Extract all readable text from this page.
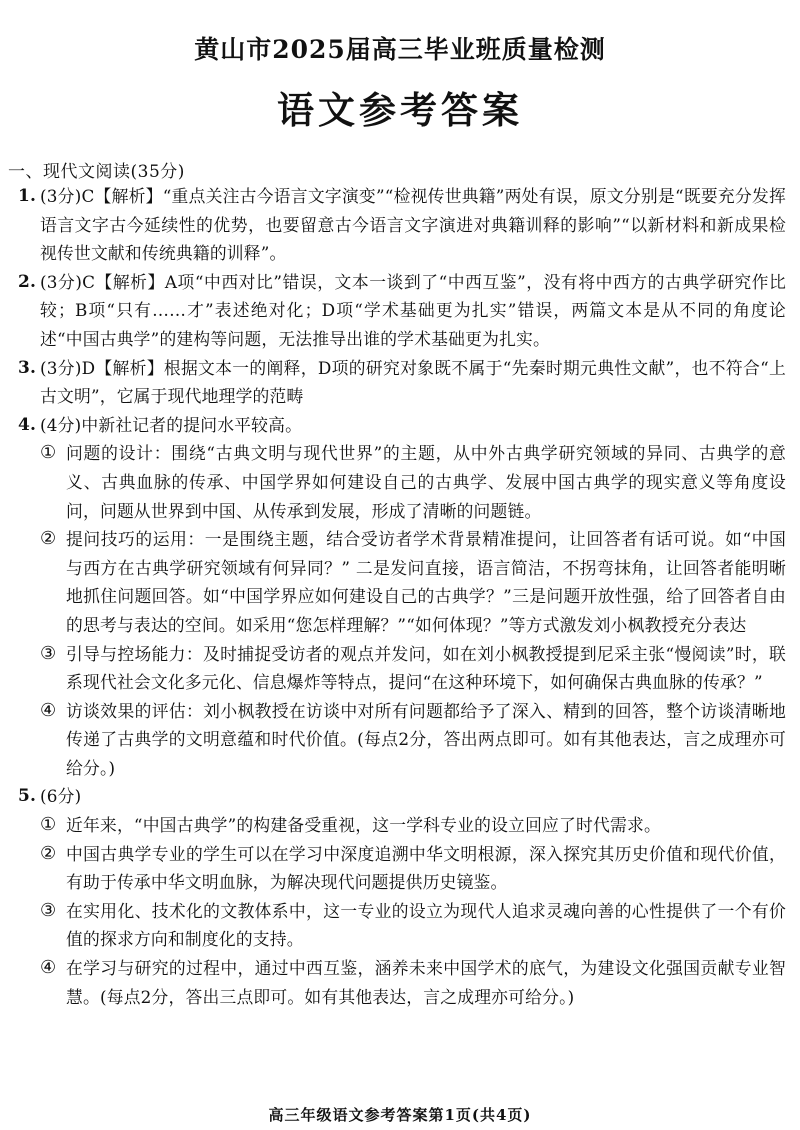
黄山市2025届高三毕业班质量检测
语文参考答案
一、现代文阅读(35分)
1. (3分)C【解析】“重点关注古今语言文字演变”“检视传世典籍”两处有误，原文分别是“既要充分发挥语言文字古今延续性的优势，也要留意古今语言文字演进对典籍训释的影响”“以新材料和新成果检视传世文献和传统典籍的训释”。
2. (3分)C【解析】A项“中西对比”错误，文本一谈到了“中西互鉴”，没有将中西方的古典学研究作比较；B项“只有……才”表述绝对化；D项“学术基础更为扎实”错误，两篇文本是从不同的角度论述“中国古典学”的建构等问题，无法推导出谁的学术基础更为扎实。
3. (3分)D【解析】根据文本一的阐释，D项的研究对象既不属于“先秦时期元典性文献”，也不符合“上古文明”，它属于现代地理学的范畴
4. (4分)中新社记者的提问水平较高。
① 问题的设计：围绕“古典文明与现代世界”的主题，从中外古典学研究领域的异同、古典学的意义、古典血脉的传承、中国学界如何建设自己的古典学、发展中国古典学的现实意义等角度设问，问题从世界到中国、从传承到发展，形成了清晰的问题链。
② 提问技巧的运用：一是围绕主题，结合受访者学术背景精准提问，让回答者有话可说。如“中国与西方在古典学研究领域有何异同？” 二是发问直接，语言简洁，不拐弯抹角，让回答者能明晰地抓住问题回答。如“中国学界应如何建设自己的古典学？”三是问题开放性强，给了回答者自由的思考与表达的空间。如采用“您怎样理解？”“如何体现？”等方式激发刘小枫教授充分表达
③ 引导与控场能力：及时捕捉受访者的观点并发问，如在刘小枫教授提到尼采主张“慢阅读”时，联系现代社会文化多元化、信息爆炸等特点，提问“在这种环境下，如何确保古典血脉的传承？”
④ 访谈效果的评估：刘小枫教授在访谈中对所有问题都给予了深入、精到的回答，整个访谈清晰地传递了古典学的文明意蕴和时代价值。(每点2分，答出两点即可。如有其他表达，言之成理亦可给分。)
5. (6分)
① 近年来，“中国古典学”的构建备受重视，这一学科专业的设立回应了时代需求。
② 中国古典学专业的学生可以在学习中深度追溯中华文明根源，深入探究其历史价值和现代价值，有助于传承中华文明血脉，为解决现代问题提供历史镜鉴。
③ 在实用化、技术化的文教体系中，这一专业的设立为现代人追求灵魂向善的心性提供了一个有价值的探求方向和制度化的支持。
④ 在学习与研究的过程中，通过中西互鉴，涵养未来中国学术的底气，为建设文化强国贡献专业智慧。(每点2分，答出三点即可。如有其他表达，言之成理亦可给分。)
高三年级语文参考答案第1页(共4页)
